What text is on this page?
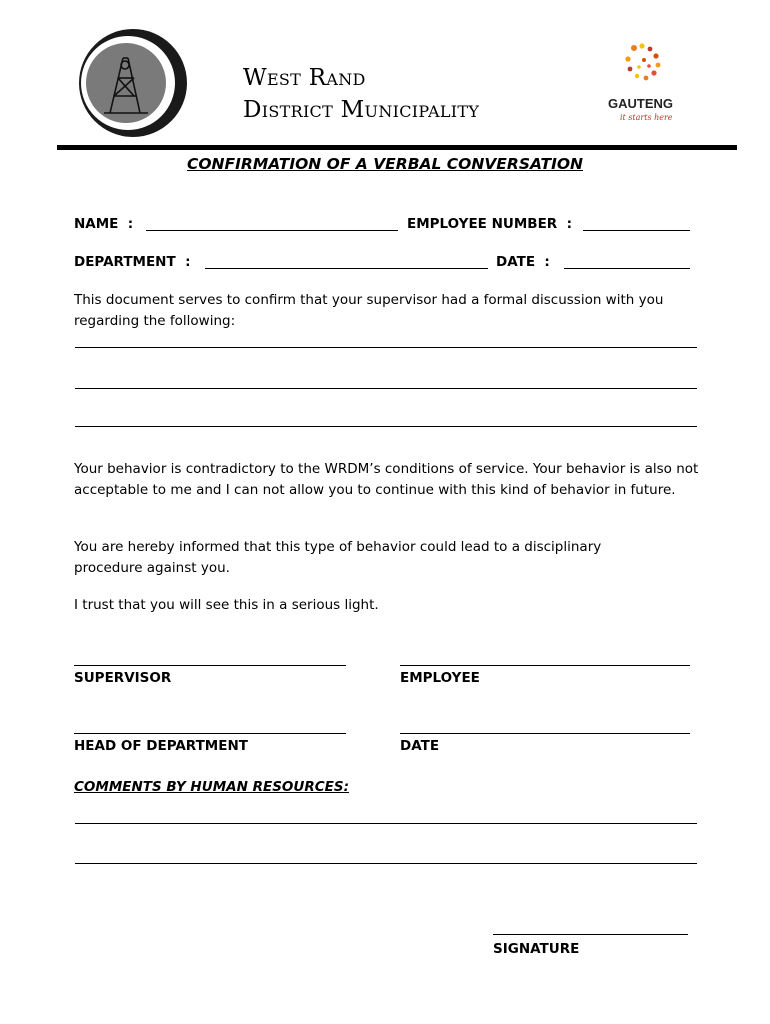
West Rand
District Municipality	GAUTENG
it starts here
CONFIRMATION OF A VERBAL CONVERSATION
NAME  :	EMPLOYEE NUMBER  :
DEPARTMENT  :	DATE  :
This document serves to confirm that your supervisor had a formal discussion with you regarding the following:
Your behavior is contradictory to the WRDM’s conditions of service. Your behavior is also not acceptable to me and I can not allow you to continue with this kind of behavior in future.
You are hereby informed that this type of behavior could lead to a disciplinary procedure against you.
I trust that you will see this in a serious light.
SUPERVISOR	EMPLOYEE
HEAD OF DEPARTMENT	DATE
COMMENTS BY HUMAN RESOURCES:
SIGNATURE
